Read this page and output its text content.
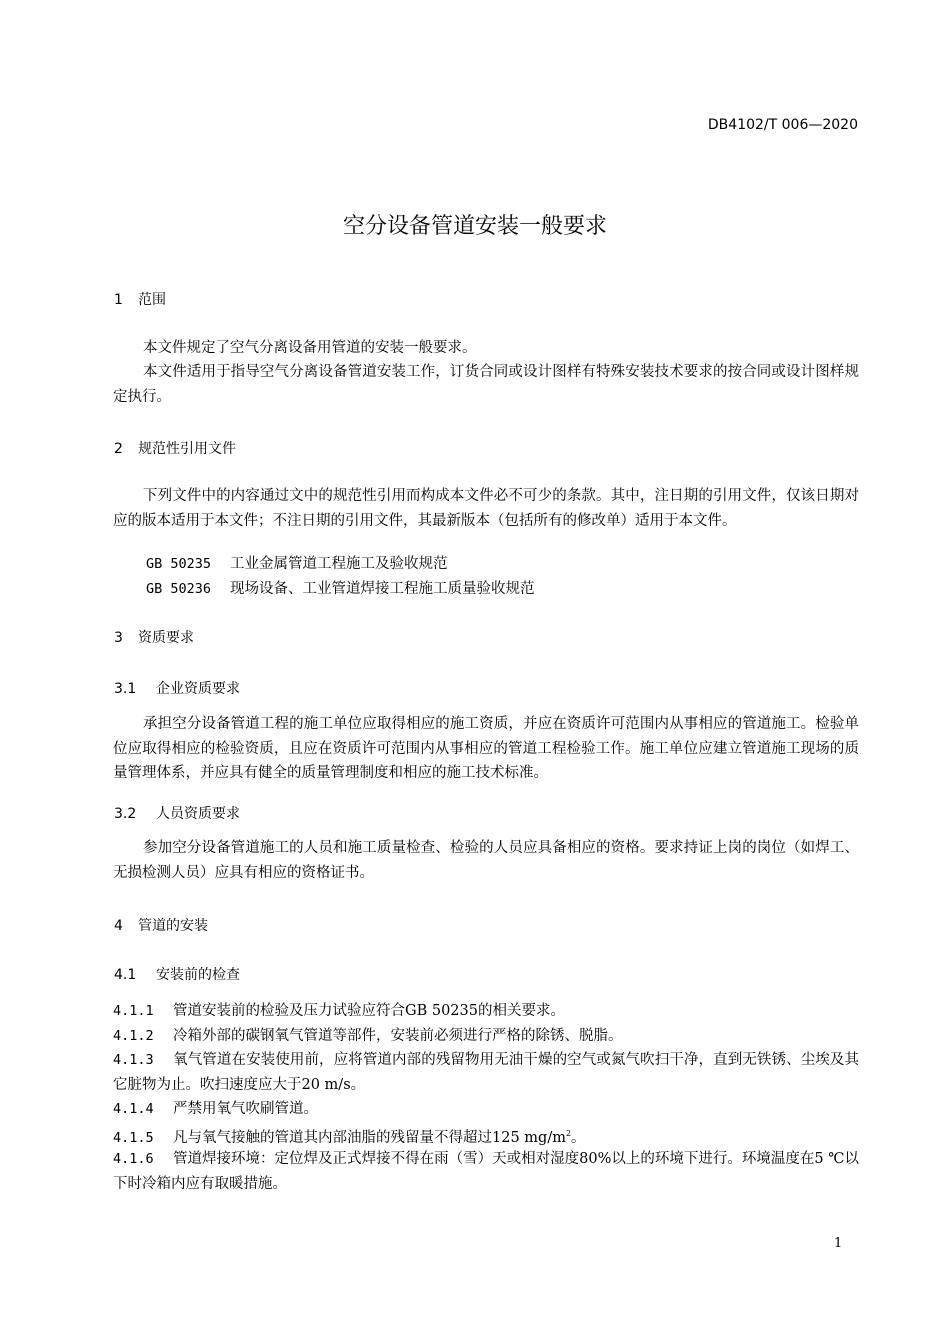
DB4102/T 006—2020
空分设备管道安装一般要求
1 范围
本文件规定了空气分离设备用管道的安装一般要求。
本文件适用于指导空气分离设备管道安装工作，订货合同或设计图样有特殊安装技术要求的按合同或设计图样规定执行。
2 规范性引用文件
下列文件中的内容通过文中的规范性引用而构成本文件必不可少的条款。其中，注日期的引用文件，仅该日期对应的版本适用于本文件；不注日期的引用文件，其最新版本（包括所有的修改单）适用于本文件。
GB 50235 工业金属管道工程施工及验收规范
GB 50236 现场设备、工业管道焊接工程施工质量验收规范
3 资质要求
3.1 企业资质要求
承担空分设备管道工程的施工单位应取得相应的施工资质，并应在资质许可范围内从事相应的管道施工。检验单位应取得相应的检验资质，且应在资质许可范围内从事相应的管道工程检验工作。施工单位应建立管道施工现场的质量管理体系，并应具有健全的质量管理制度和相应的施工技术标准。
3.2 人员资质要求
参加空分设备管道施工的人员和施工质量检查、检验的人员应具备相应的资格。要求持证上岗的岗位（如焊工、无损检测人员）应具有相应的资格证书。
4 管道的安装
4.1 安装前的检查
4.1.1 管道安装前的检验及压力试验应符合GB 50235的相关要求。
4.1.2 冷箱外部的碳钢氧气管道等部件，安装前必须进行严格的除锈、脱脂。
4.1.3 氧气管道在安装使用前，应将管道内部的残留物用无油干燥的空气或氮气吹扫干净，直到无铁锈、尘埃及其它脏物为止。吹扫速度应大于20 m/s。
4.1.4 严禁用氧气吹刷管道。
4.1.5 凡与氧气接触的管道其内部油脂的残留量不得超过125 $mg/m^2$。
4.1.6 管道焊接环境：定位焊及正式焊接不得在雨（雪）天或相对湿度80%以上的环境下进行。环境温度在5 ℃以下时冷箱内应有取暖措施。
1
